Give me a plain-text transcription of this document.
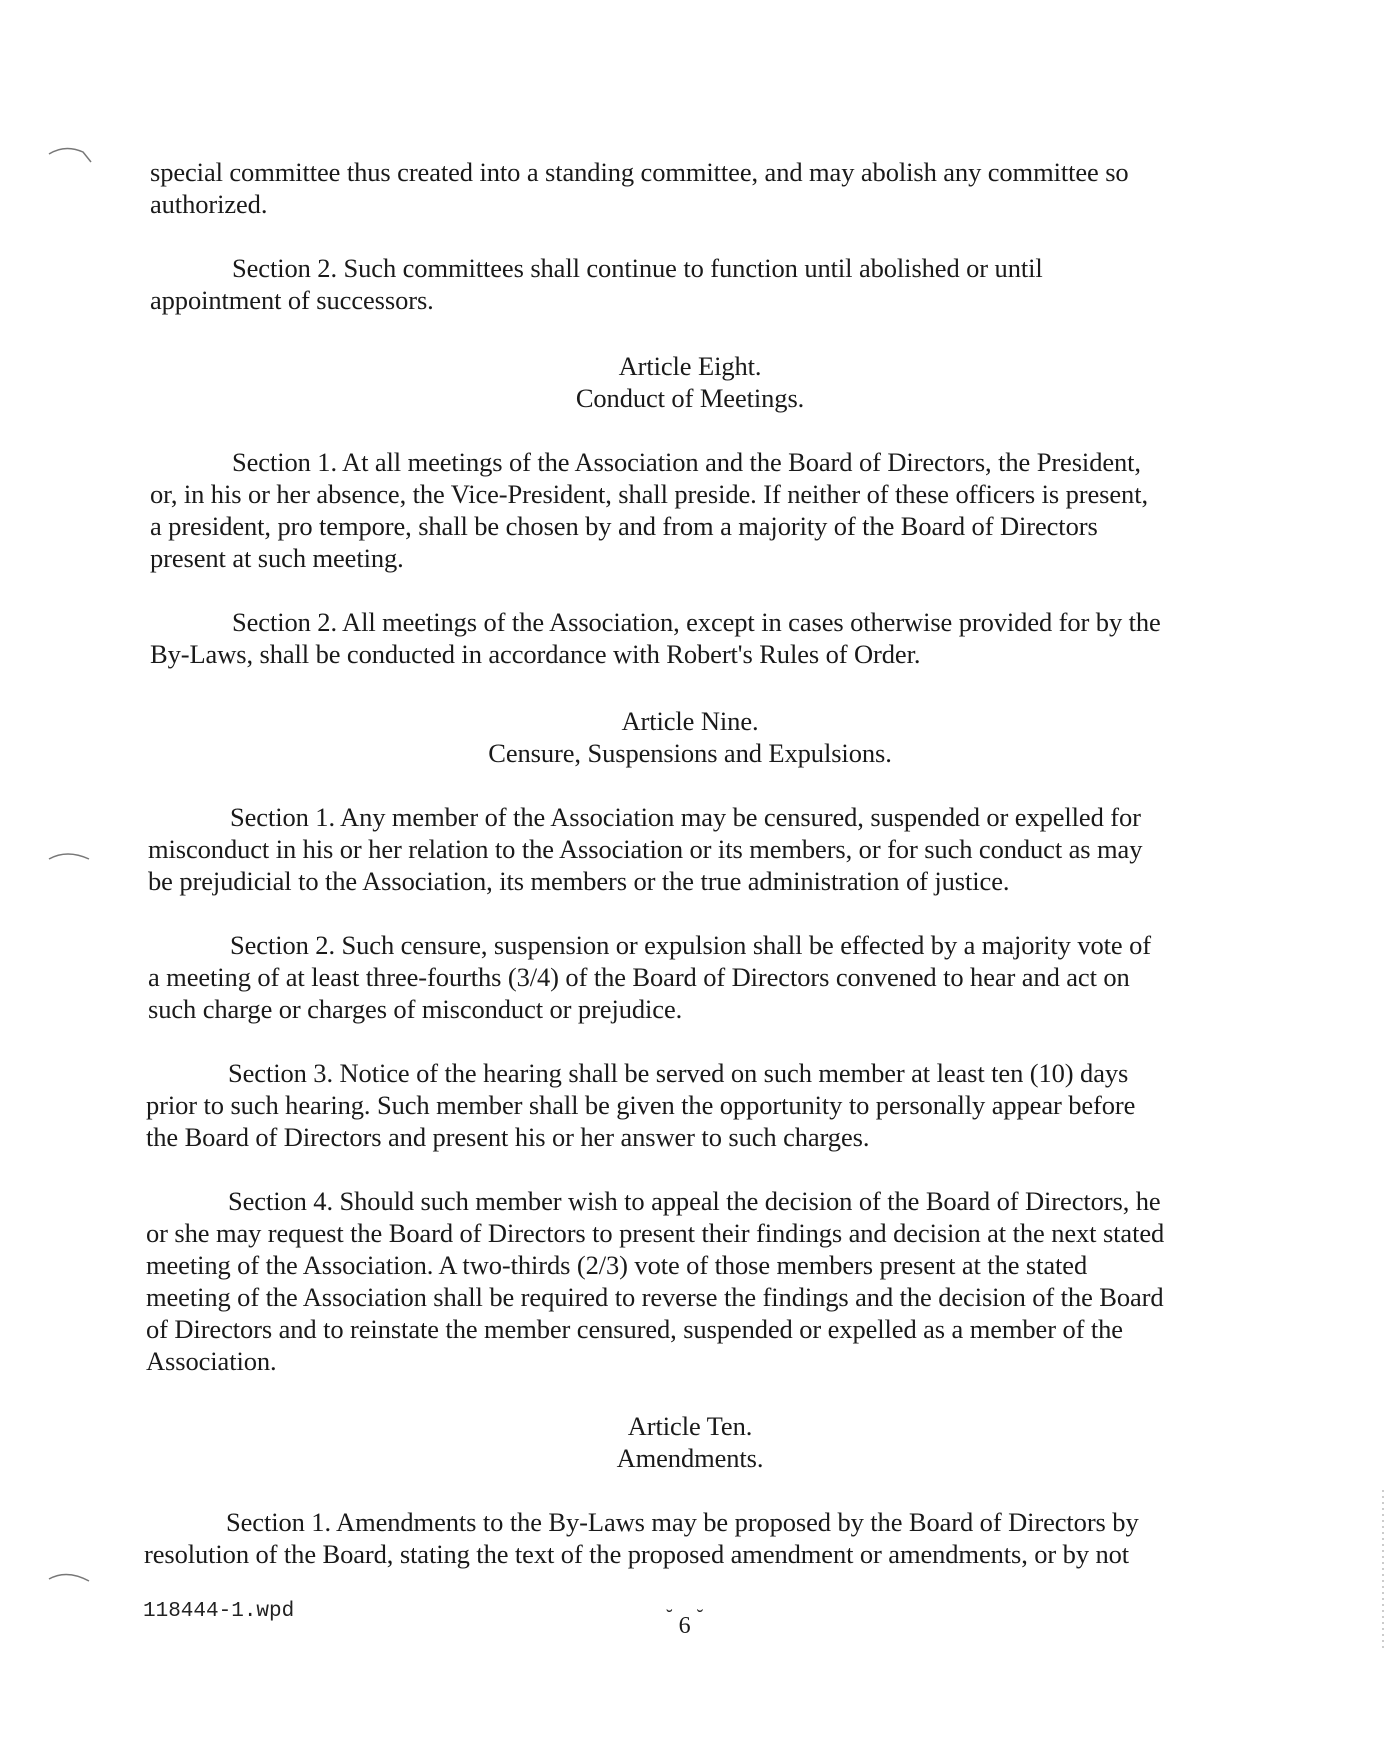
special committee thus created into a standing committee, and may abolish any committee so
authorized.
Section 2. Such committees shall continue to function until abolished or until
appointment of successors.
Article Eight.
Conduct of Meetings.
Section 1. At all meetings of the Association and the Board of Directors, the President,
or, in his or her absence, the Vice-President, shall preside. If neither of these officers is present,
a president, pro tempore, shall be chosen by and from a majority of the Board of Directors
present at such meeting.
Section 2. All meetings of the Association, except in cases otherwise provided for by the
By-Laws, shall be conducted in accordance with Robert's Rules of Order.
Article Nine.
Censure, Suspensions and Expulsions.
Section 1. Any member of the Association may be censured, suspended or expelled for
misconduct in his or her relation to the Association or its members, or for such conduct as may
be prejudicial to the Association, its members or the true administration of justice.
Section 2. Such censure, suspension or expulsion shall be effected by a majority vote of
a meeting of at least three-fourths (3/4) of the Board of Directors convened to hear and act on
such charge or charges of misconduct or prejudice.
Section 3. Notice of the hearing shall be served on such member at least ten (10) days
prior to such hearing. Such member shall be given the opportunity to personally appear before
the Board of Directors and present his or her answer to such charges.
Section 4. Should such member wish to appeal the decision of the Board of Directors, he
or she may request the Board of Directors to present their findings and decision at the next stated
meeting of the Association. A two-thirds (2/3) vote of those members present at the stated
meeting of the Association shall be required to reverse the findings and the decision of the Board
of Directors and to reinstate the member censured, suspended or expelled as a member of the
Association.
Article Ten.
Amendments.
Section 1. Amendments to the By-Laws may be proposed by the Board of Directors by
resolution of the Board, stating the text of the proposed amendment or amendments, or by not
118444-1.wpd	˘ 6 ˘
